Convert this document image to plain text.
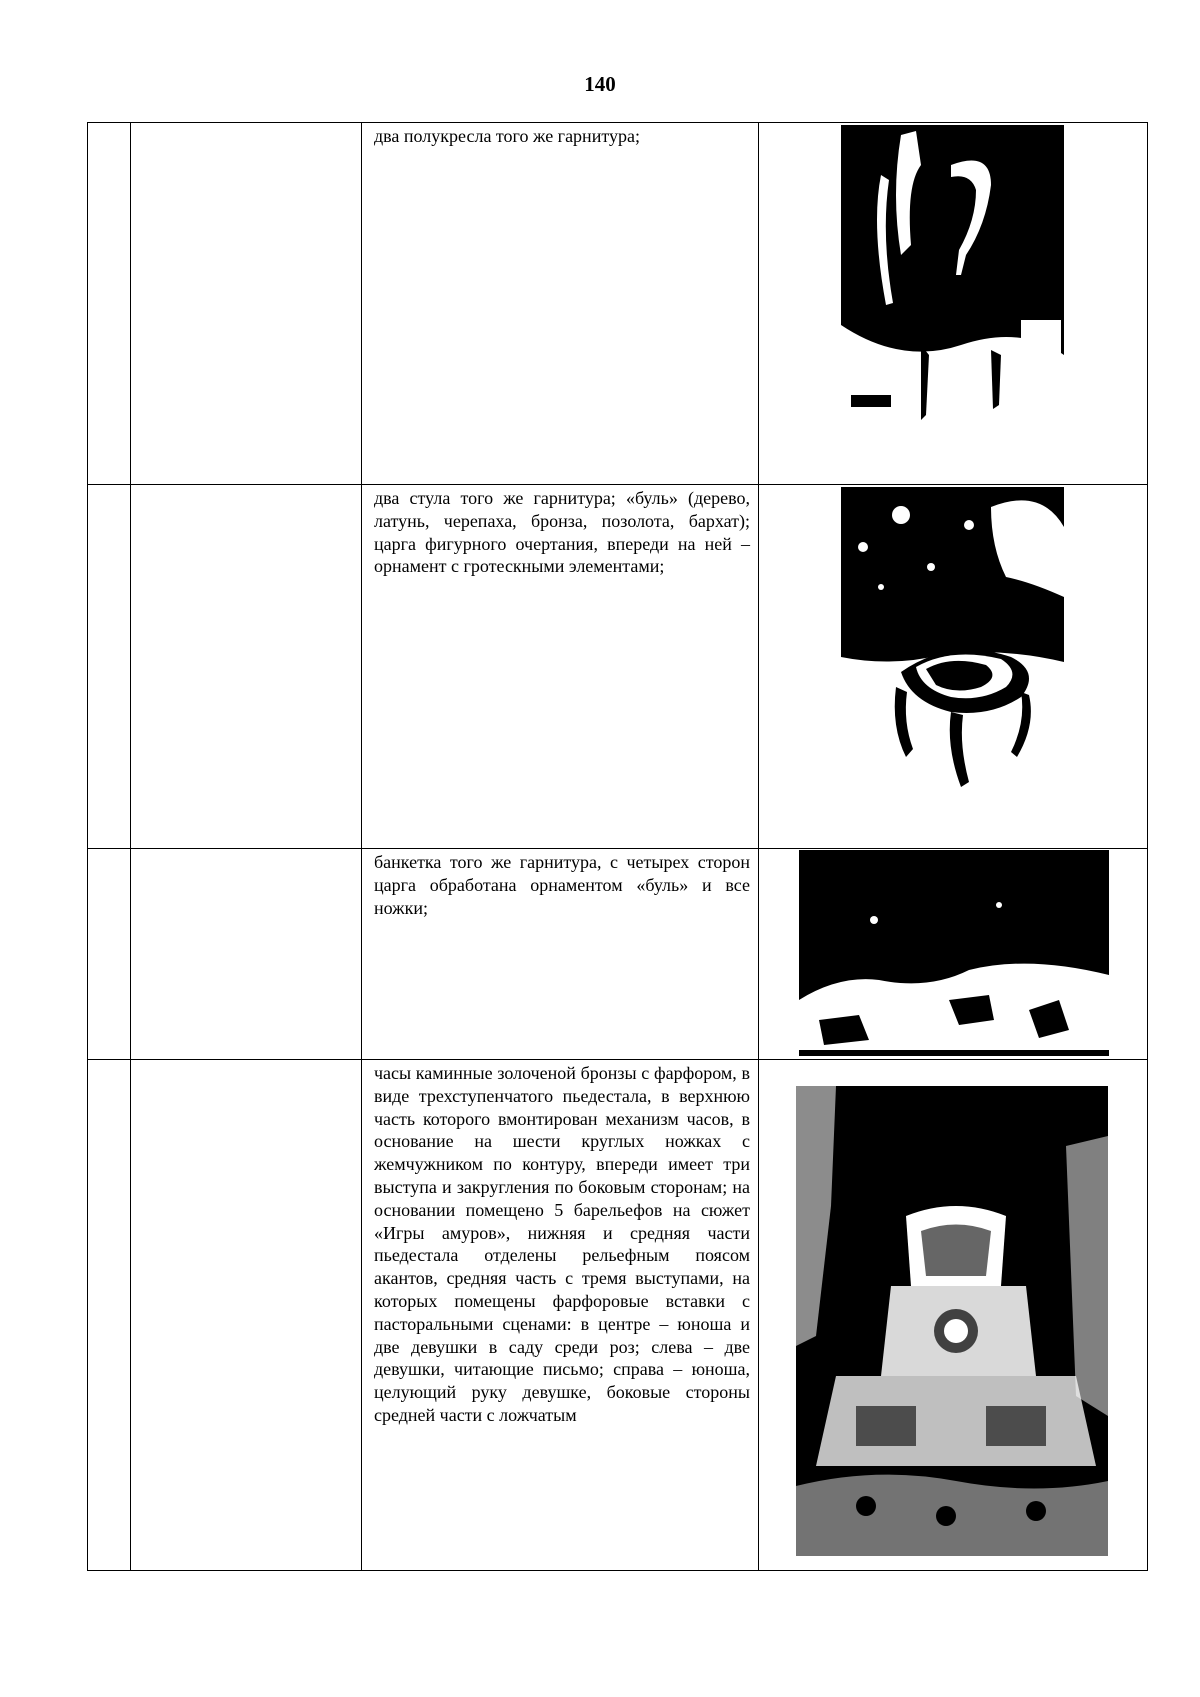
140

		два полукресла того же гарнитура;

		два стула того же гарнитура; «буль» (дерево, латунь, черепаха, бронза, позолота, бархат); царга фигурного очертания, впереди на ней – орнамент с гротескными элементами;

		банкетка того же гарнитура, с четырех сторон царга обработана орнаментом «буль» и все ножки;

		часы каминные золоченой бронзы с фарфором, в виде трехступенчатого пьедестала, в верхнюю часть которого вмонтирован механизм часов, в основание на шести круглых ножках с жемчужником по контуру, впереди имеет три выступа и закругления по боковым сторонам; на основании помещено 5 барельефов на сюжет «Игры амуров», нижняя и средняя части пьедестала отделены рельефным поясом акантов, средняя часть с тремя выступами, на которых помещены фарфоровые вставки с пасторальными сценами: в центре – юноша и две девушки в саду среди роз; слева – две девушки, читающие письмо; справа – юноша, целующий руку девушке, боковые стороны средней части с ложчатым
